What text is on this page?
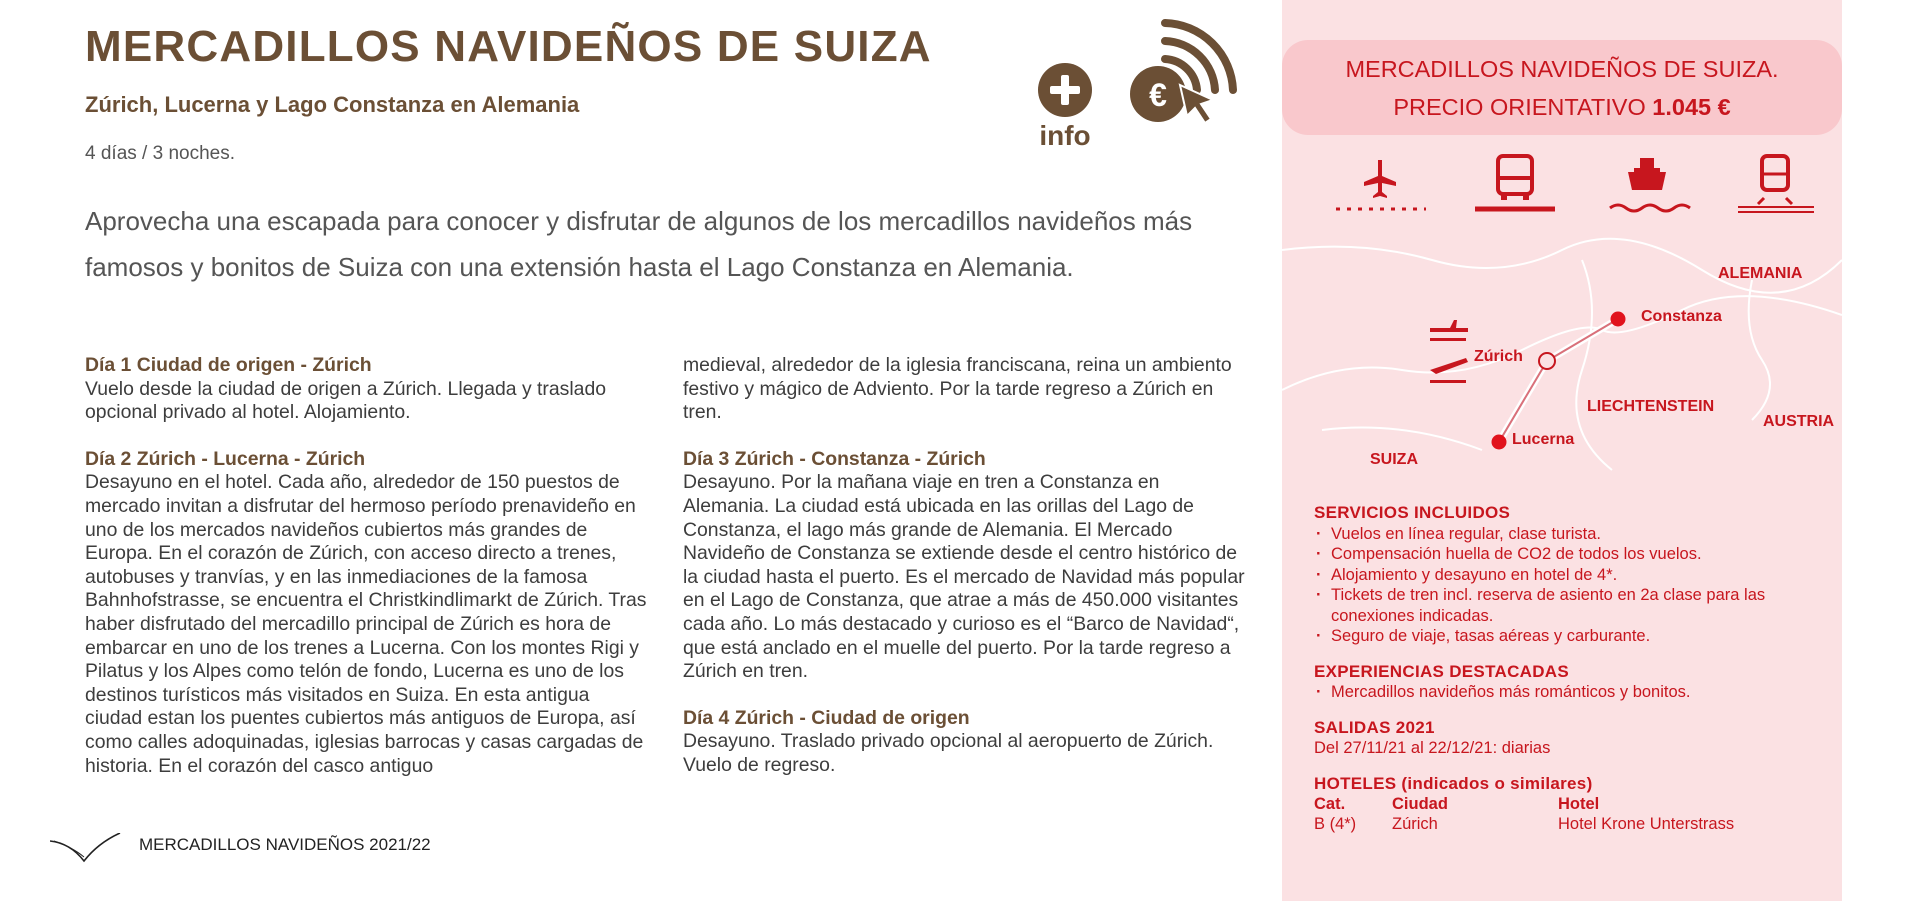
MERCADILLOS NAVIDEÑOS DE SUIZA
Zúrich, Lucerna y Lago Constanza en Alemania
4 días / 3 noches.
info
€
Aprovecha una escapada para conocer y disfrutar de algunos de los mercadillos navideños más famosos y bonitos de Suiza con una extensión hasta el Lago Constanza en Alemania.
Día 1 Ciudad de origen - Zúrich

Vuelo desde la ciudad de origen a Zúrich. Llegada y traslado opcional privado al hotel. Alojamiento.

Día 2 Zúrich - Lucerna - Zúrich

Desayuno en el hotel. Cada año, alrededor de 150 puestos de mercado invitan a disfrutar del hermoso período prenavideño en uno de los mercados navideños cubiertos más grandes de Europa. En el corazón de Zúrich, con acceso directo a trenes, autobuses y tranvías, y en las inmediaciones de la famosa Bahnhofstrasse, se encuentra el Christkindlimarkt de Zúrich. Tras haber disfrutado del mercadillo principal de Zúrich es hora de embarcar en uno de los trenes a Lucerna. Con los montes Rigi y Pilatus y los Alpes como telón de fondo, Lucerna es uno de los destinos turísticos más visitados en Suiza. En esta antigua ciudad estan los puentes cubiertos más antiguos de Europa, así como calles adoquinadas, iglesias barrocas y casas cargadas de historia. En el corazón del casco antiguo

medieval, alrededor de la iglesia franciscana, reina un ambiento festivo y mágico de Adviento. Por la tarde regreso a Zúrich en tren.

Día 3 Zúrich - Constanza - Zúrich

Desayuno. Por la mañana viaje en tren a Constanza en Alemania. La ciudad está ubicada en las orillas del Lago de Constanza, el lago más grande de Alemania. El Mercado Navideño de Constanza se extiende desde el centro histórico de la ciudad hasta el puerto. Es el mercado de Navidad más popular en el Lago de Constanza, que atrae a más de 450.000 visitantes cada año. Lo más destacado y curioso es el “Barco de Navidad“, que está anclado en el muelle del puerto. Por la tarde regreso a Zúrich en tren.

Día 4 Zúrich - Ciudad de origen

Desayuno. Traslado privado opcional al aeropuerto de Zúrich. Vuelo de regreso.

MERCADILLOS NAVIDEÑOS 2021/22
MERCADILLOS NAVIDEÑOS DE SUIZA.
PRECIO ORIENTATIVO 1.045 €
ALEMANIA
Constanza
Zúrich
LIECHTENSTEIN
AUSTRIA
Lucerna
SUIZA
SERVICIOS INCLUIDOS
· Vuelos en línea regular, clase turista.
· Compensación huella de CO2 de todos los vuelos.
· Alojamiento y desayuno en hotel de 4*.
· Tickets de tren incl. reserva de asiento en 2a clase para las conexiones indicadas.
· Seguro de viaje, tasas aéreas y carburante.
EXPERIENCIAS DESTACADAS
· Mercadillos navideños más románticos y bonitos.
SALIDAS 2021
Del 27/11/21 al 22/12/21: diarias
HOTELES (indicados o similares)
Cat.	Ciudad	Hotel
B (4*)	Zúrich	Hotel Krone Unterstrass
